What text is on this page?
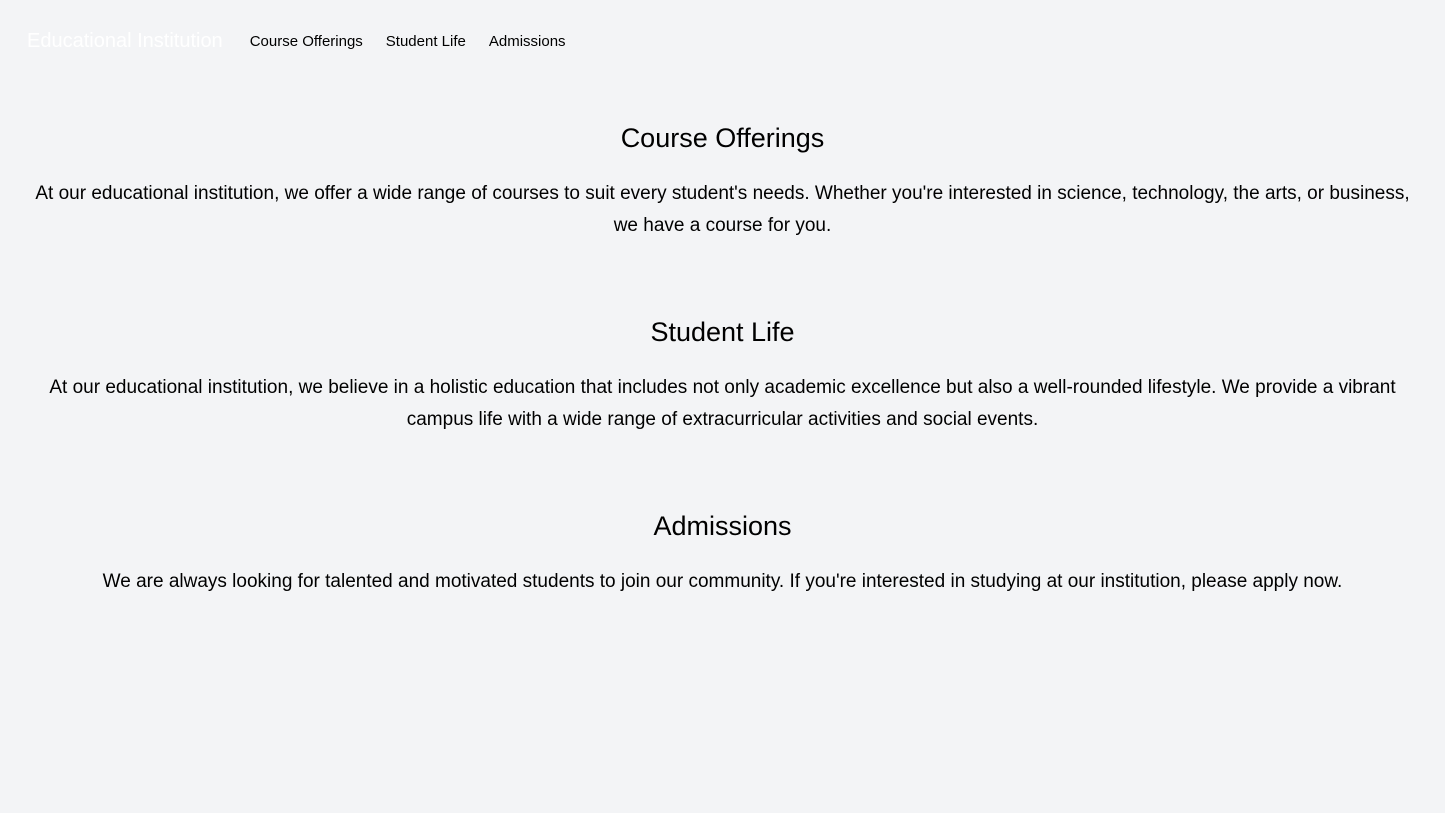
Educational Institution Course Offerings Student Life Admissions
Course Offerings

At our educational institution, we offer a wide range of courses to suit every student's needs. Whether you're interested in science, technology, the arts, or business, we have a course for you.

Student Life

At our educational institution, we believe in a holistic education that includes not only academic excellence but also a well-rounded lifestyle. We provide a vibrant campus life with a wide range of extracurricular activities and social events.

Admissions

We are always looking for talented and motivated students to join our community. If you're interested in studying at our institution, please apply now.
